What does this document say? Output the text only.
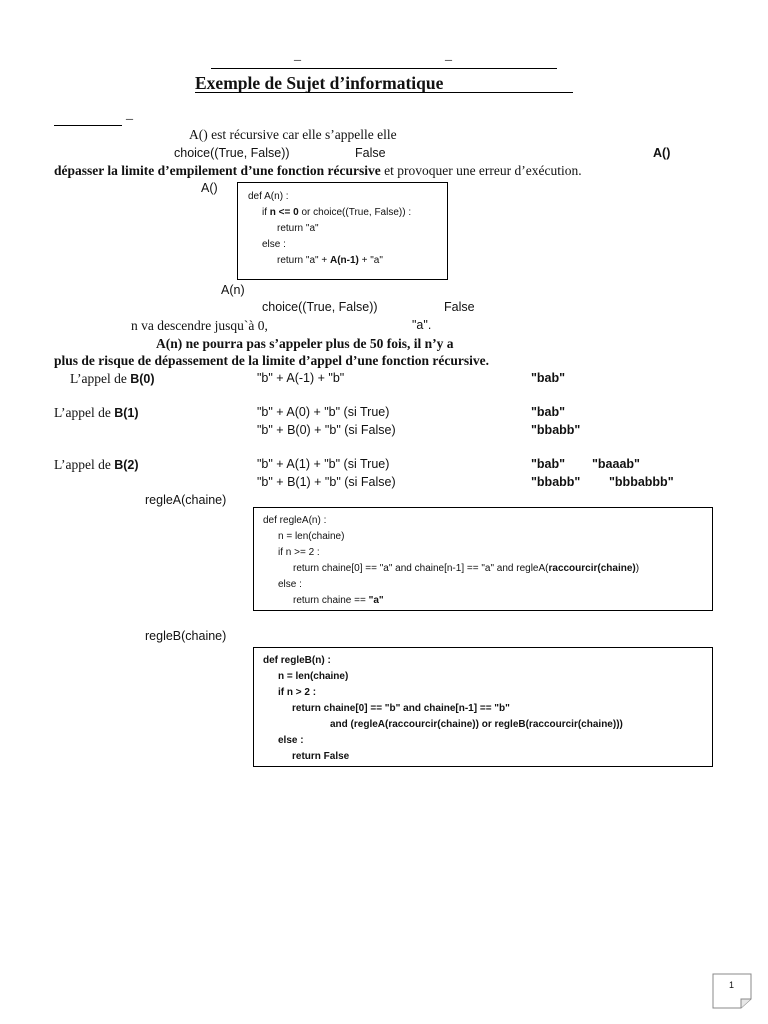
_	_
Exemple de Sujet d’informatique
_
A() est récursive car elle s’appelle elle
choice((True, False))	False	A()
dépasser la limite d’empilement d’une fonction récursive et provoquer une erreur d’exécution.
A()
def A(n) :
if n <= 0 or choice((True, False)) :
return "a"
else :
return "a" + A(n-1) + "a"
A(n)
choice((True, False))	False
n va descendre jusqu`à 0,	"a".
A(n) ne pourra pas s’appeler plus de 50 fois, il n’y a
plus de risque de dépassement de la limite d’appel d’une fonction récursive.
L’appel de B(0)	"b" + A(-1) + "b"	"bab"
L’appel de B(1)	"b" + A(0) + "b" (si True)	"bab"
"b" + B(0) + "b" (si False)	"bbabb"
L’appel de B(2)	"b" + A(1) + "b" (si True)	"bab" "baaab"
"b" + B(1) + "b" (si False)	"bbabb" "bbbabbb"
regleA(chaine)
def regleA(n) :
n = len(chaine)
if n >= 2 :
return chaine[0] == "a" and chaine[n-1] == "a" and regleA(raccourcir(chaine))
else :
return chaine == "a"
regleB(chaine)
def regleB(n) :
n = len(chaine)
if n > 2 :
return chaine[0] == "b" and chaine[n-1] == "b"
and (regleA(raccourcir(chaine)) or regleB(raccourcir(chaine)))
else :
return False
1
